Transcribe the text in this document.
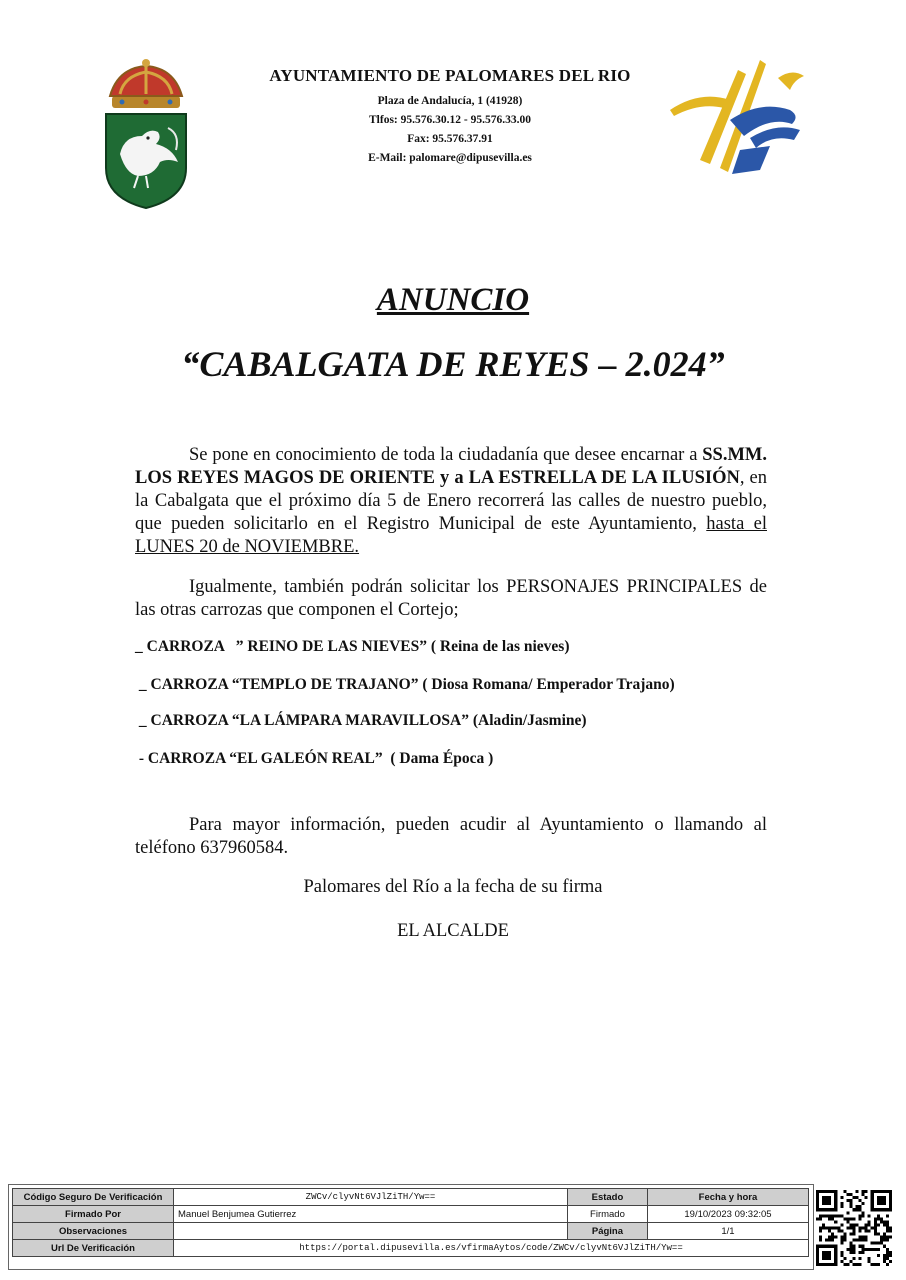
AYUNTAMIENTO DE PALOMARES DEL RIO
Plaza de Andalucía, 1 (41928)
Tlfos: 95.576.30.12 - 95.576.33.00
Fax: 95.576.37.91
E-Mail: palomare@dipusevilla.es
ANUNCIO
“CABALGATA DE REYES – 2.024”
Se pone en conocimiento de toda la ciudadanía que desee encarnar a SS.MM. LOS REYES MAGOS DE ORIENTE y a LA ESTRELLA DE LA ILUSIÓN, en la Cabalgata que el próximo día 5 de Enero recorrerá las calles de nuestro pueblo, que pueden solicitarlo en el Registro Municipal de este Ayuntamiento, hasta el LUNES 20 de NOVIEMBRE.
Igualmente, también podrán solicitar los PERSONAJES PRINCIPALES de las otras carrozas que componen el Cortejo;
_ CARROZA   ” REINO DE LAS NIEVES” ( Reina de las nieves)
_ CARROZA “TEMPLO DE TRAJANO” ( Diosa Romana/ Emperador Trajano)
_ CARROZA “LA LÁMPARA MARAVILLOSA” (Aladin/Jasmine)
- CARROZA “EL GALEÓN REAL”  ( Dama Época )
Para mayor información, pueden acudir al Ayuntamiento o llamando al teléfono 637960584.
Palomares del Río a la fecha de su firma
EL ALCALDE
Código Seguro De Verificación	ZWCv/clyvNt6VJlZiTH/Yw==	Estado	Fecha y hora
Firmado Por	Manuel Benjumea Gutierrez	Firmado	19/10/2023 09:32:05
Observaciones		Página	1/1
Url De Verificación	https://portal.dipusevilla.es/vfirmaAytos/code/ZWCv/clyvNt6VJlZiTH/Yw==		
